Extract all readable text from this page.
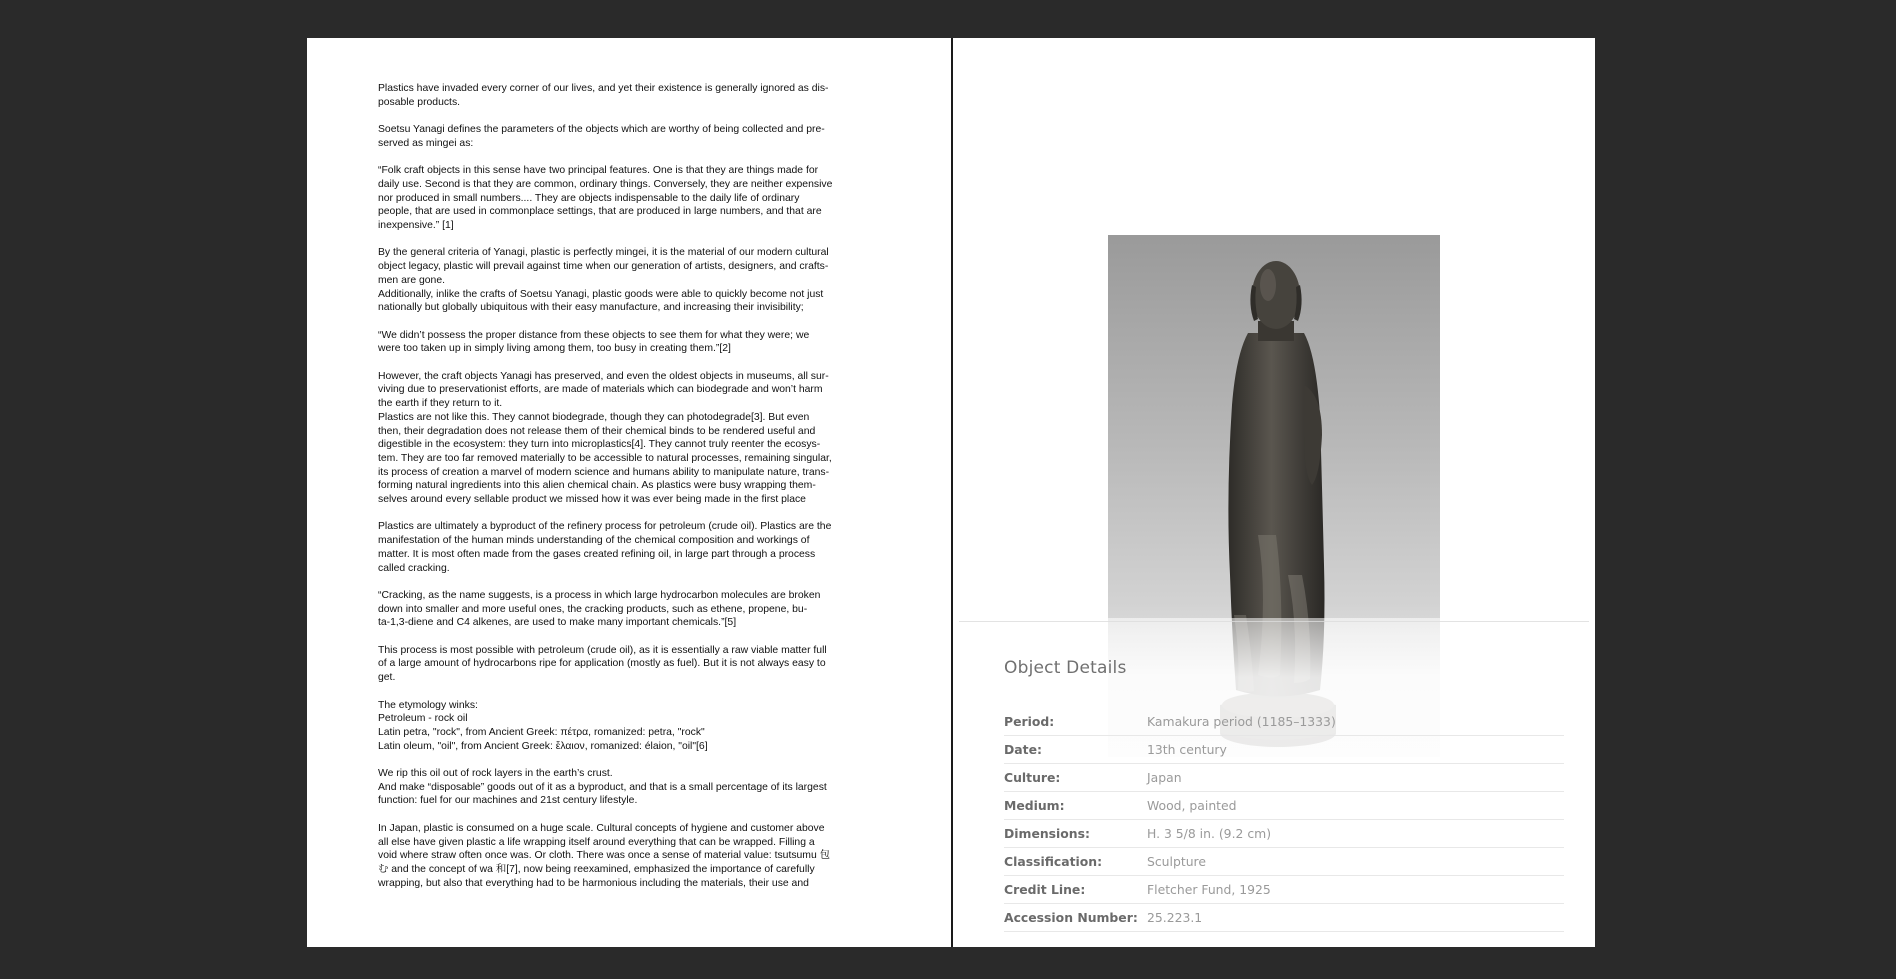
Plastics have invaded every corner of our lives, and yet their existence is generally ignored as dis-
posable products.

Soetsu Yanagi defines the parameters of the objects which are worthy of being collected and pre-
served as mingei as:

“Folk craft objects in this sense have two principal features. One is that they are things made for
daily use. Second is that they are common, ordinary things. Conversely, they are neither expensive
nor produced in small numbers.... They are objects indispensable to the daily life of ordinary
people, that are used in commonplace settings, that are produced in large numbers, and that are
inexpensive.” [1]

By the general criteria of Yanagi, plastic is perfectly mingei, it is the material of our modern cultural
object legacy, plastic will prevail against time when our generation of artists, designers, and crafts-
men are gone.
Additionally, inlike the crafts of Soetsu Yanagi, plastic goods were able to quickly become not just
nationally but globally ubiquitous with their easy manufacture, and increasing their invisibility;

“We didn’t possess the proper distance from these objects to see them for what they were; we
were too taken up in simply living among them, too busy in creating them.”[2]

However, the craft objects Yanagi has preserved, and even the oldest objects in museums, all sur-
viving due to preservationist efforts, are made of materials which can biodegrade and won’t harm
the earth if they return to it.
Plastics are not like this. They cannot biodegrade, though they can photodegrade[3]. But even
then, their degradation does not release them of their chemical binds to be rendered useful and
digestible in the ecosystem: they turn into microplastics[4]. They cannot truly reenter the ecosys-
tem. They are too far removed materially to be accessible to natural processes, remaining singular,
its process of creation a marvel of modern science and humans ability to manipulate nature, trans-
forming natural ingredients into this alien chemical chain. As plastics were busy wrapping them-
selves around every sellable product we missed how it was ever being made in the first place

Plastics are ultimately a byproduct of the refinery process for petroleum (crude oil). Plastics are the
manifestation of the human minds understanding of the chemical composition and workings of
matter. It is most often made from the gases created refining oil, in large part through a process
called cracking.

“Cracking, as the name suggests, is a process in which large hydrocarbon molecules are broken
down into smaller and more useful ones, the cracking products, such as ethene, propene, bu-
ta-1,3-diene and C4 alkenes, are used to make many important chemicals.”[5]

This process is most possible with petroleum (crude oil), as it is essentially a raw viable matter full
of a large amount of hydrocarbons ripe for application (mostly as fuel). But it is not always easy to
get.

The etymology winks:
Petroleum - rock oil
Latin petra, "rock", from Ancient Greek: πέτρα, romanized: petra, "rock"
Latin oleum, "oil", from Ancient Greek: ἔλαιον, romanized: élaion, "oil"[6]

We rip this oil out of rock layers in the earth’s crust.
And make “disposable” goods out of it as a byproduct, and that is a small percentage of its largest
function: fuel for our machines and 21st century lifestyle.

In Japan, plastic is consumed on a huge scale. Cultural concepts of hygiene and customer above
all else have given plastic a life wrapping itself around everything that can be wrapped. Filling a
void where straw often once was. Or cloth. There was once a sense of material value: tsutsumu 包
む and the concept of wa 和[7], now being reexamined, emphasized the importance of carefully
wrapping, but also that everything had to be harmonious including the materials, their use and

Object Details
Period:	Kamakura period (1185–1333)
Date:	13th century
Culture:	Japan
Medium:	Wood, painted
Dimensions:	H. 3 5/8 in. (9.2 cm)
Classification:	Sculpture
Credit Line:	Fletcher Fund, 1925
Accession Number: 25.223.1
